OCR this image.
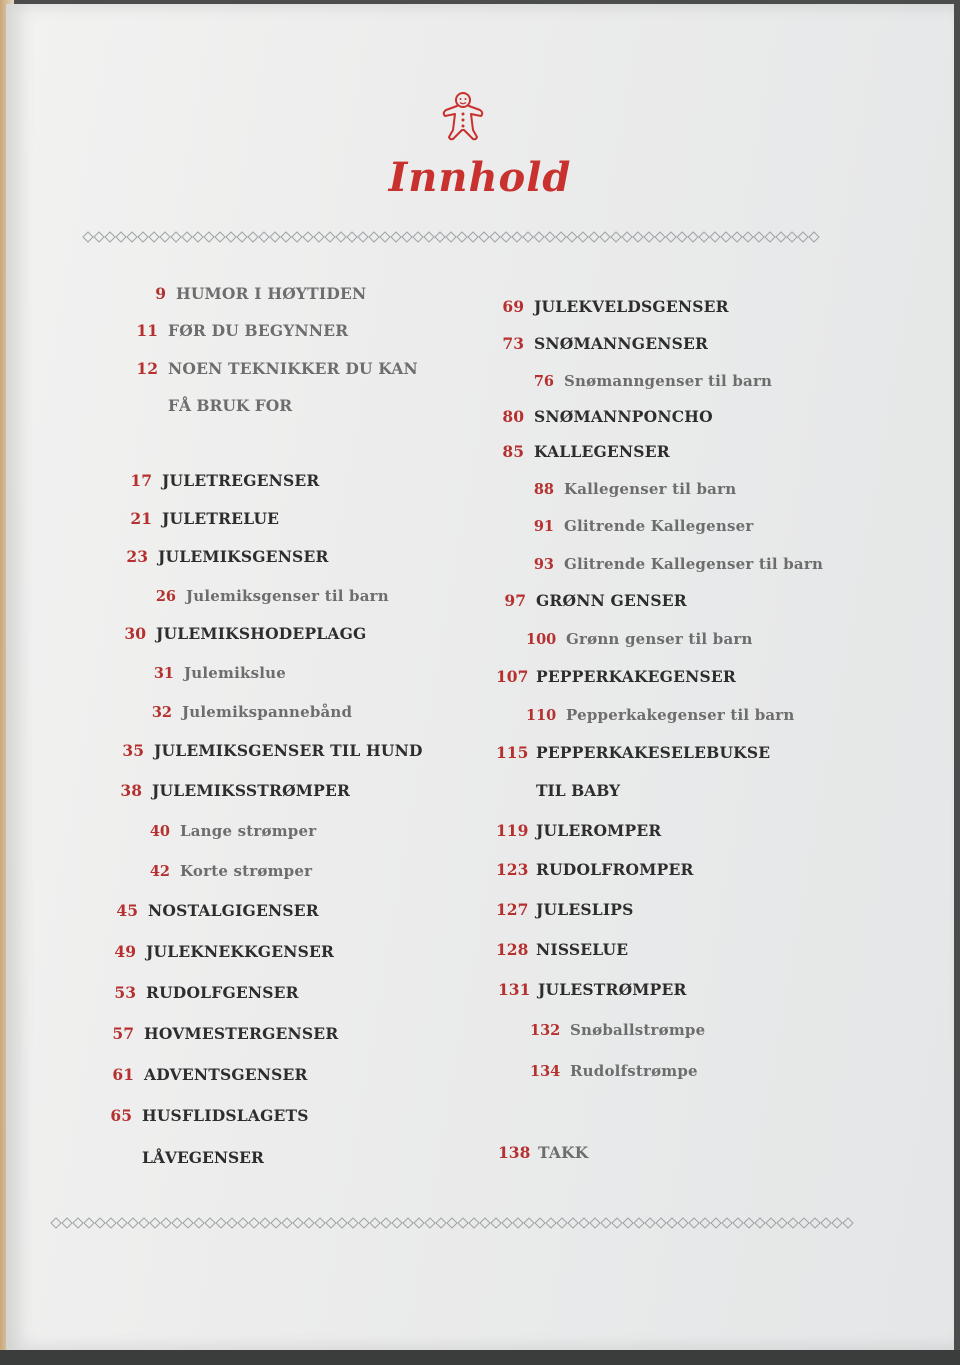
Innhold
9 HUMOR I HØYTIDEN
11 FØR DU BEGYNNER
12 NOEN TEKNIKKER DU KAN
FÅ BRUK FOR
17 JULETREGENSER
21 JULETRELUE
23 JULEMIKSGENSER
26 Julemiksgenser til barn
30 JULEMIKSHODEPLAGG
31 Julemikslue
32 Julemikspannebånd
35 JULEMIKSGENSER TIL HUND
38 JULEMIKSSTRØMPER
40 Lange strømper
42 Korte strømper
45 NOSTALGIGENSER
49 JULEKNEKKGENSER
53 RUDOLFGENSER
57 HOVMESTERGENSER
61 ADVENTSGENSER
65 HUSFLIDSLAGETS
LÅVEGENSER
69 JULEKVELDSGENSER
73 SNØMANNGENSER
76 Snømanngenser til barn
80 SNØMANNPONCHO
85 KALLEGENSER
88 Kallegenser til barn
91 Glitrende Kallegenser
93 Glitrende Kallegenser til barn
97 GRØNN GENSER
100 Grønn genser til barn
107 PEPPERKAKEGENSER
110 Pepperkakegenser til barn
115 PEPPERKAKESELEBUKSE
TIL BABY
119 JULEROMPER
123 RUDOLFROMPER
127 JULESLIPS
128 NISSELUE
131 JULESTRØMPER
132 Snøballstrømpe
134 Rudolfstrømpe
138 TAKK
